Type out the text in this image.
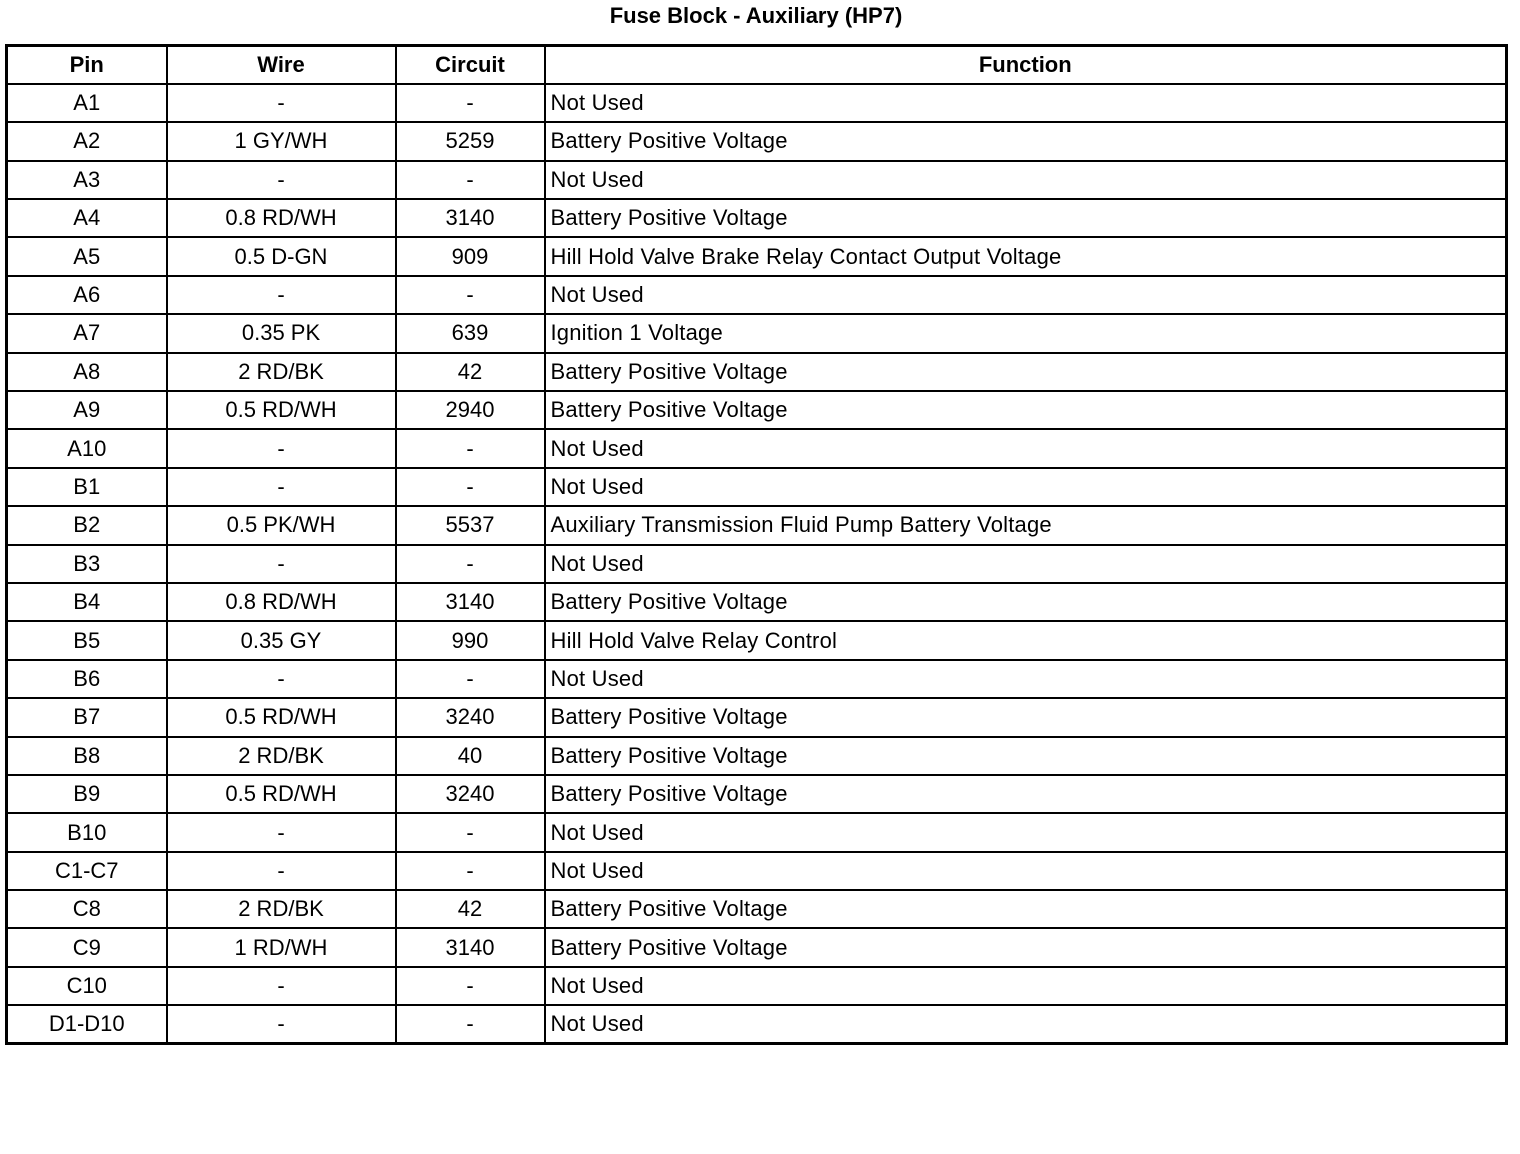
Fuse Block - Auxiliary (HP7)
Pin	Wire	Circuit	Function
A1	-	-	Not Used
A2	1 GY/WH	5259	Battery Positive Voltage
A3	-	-	Not Used
A4	0.8 RD/WH	3140	Battery Positive Voltage
A5	0.5 D-GN	909	Hill Hold Valve Brake Relay Contact Output Voltage
A6	-	-	Not Used
A7	0.35 PK	639	Ignition 1 Voltage
A8	2 RD/BK	42	Battery Positive Voltage
A9	0.5 RD/WH	2940	Battery Positive Voltage
A10	-	-	Not Used
B1	-	-	Not Used
B2	0.5 PK/WH	5537	Auxiliary Transmission Fluid Pump Battery Voltage
B3	-	-	Not Used
B4	0.8 RD/WH	3140	Battery Positive Voltage
B5	0.35 GY	990	Hill Hold Valve Relay Control
B6	-	-	Not Used
B7	0.5 RD/WH	3240	Battery Positive Voltage
B8	2 RD/BK	40	Battery Positive Voltage
B9	0.5 RD/WH	3240	Battery Positive Voltage
B10	-	-	Not Used
C1-C7	-	-	Not Used
C8	2 RD/BK	42	Battery Positive Voltage
C9	1 RD/WH	3140	Battery Positive Voltage
C10	-	-	Not Used
D1-D10	-	-	Not Used
